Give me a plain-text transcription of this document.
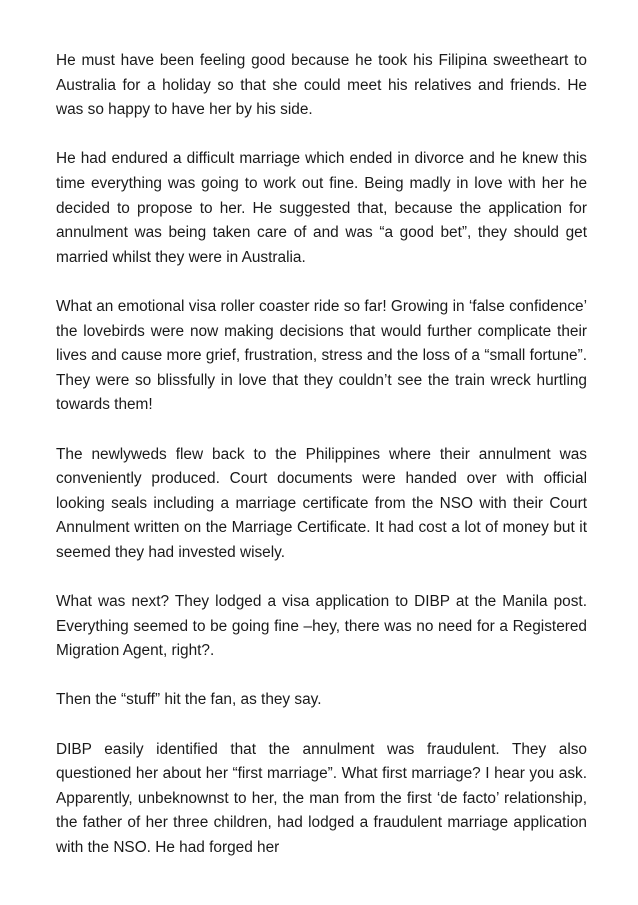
He must have been feeling good because he took his Filipina sweetheart to Australia for a holiday so that she could meet his relatives and friends. He was so happy to have her by his side.

He had endured a difficult marriage which ended in divorce and he knew this time everything was going to work out fine. Being madly in love with her he decided to propose to her. He suggested that, because the application for annulment was being taken care of and was “a good bet”, they should get married whilst they were in Australia.

What an emotional visa roller coaster ride so far! Growing in ‘false confidence’ the lovebirds were now making decisions that would further complicate their lives and cause more grief, frustration, stress and the loss of a “small fortune”. They were so blissfully in love that they couldn’t see the train wreck hurtling towards them!

The newlyweds flew back to the Philippines where their annulment was conveniently produced. Court documents were handed over with official looking seals including a marriage certificate from the NSO with their Court Annulment written on the Marriage Certificate. It had cost a lot of money but it seemed they had invested wisely.

What was next? They lodged a visa application to DIBP at the Manila post. Everything seemed to be going fine –hey, there was no need for a Registered Migration Agent, right?.

Then the “stuff” hit the fan, as they say.

DIBP easily identified that the annulment was fraudulent. They also questioned her about her “first marriage”. What first marriage? I hear you ask. Apparently, unbeknownst to her, the man from the first ‘de facto’ relationship, the father of her three children, had lodged a fraudulent marriage application with the NSO. He had forged her
